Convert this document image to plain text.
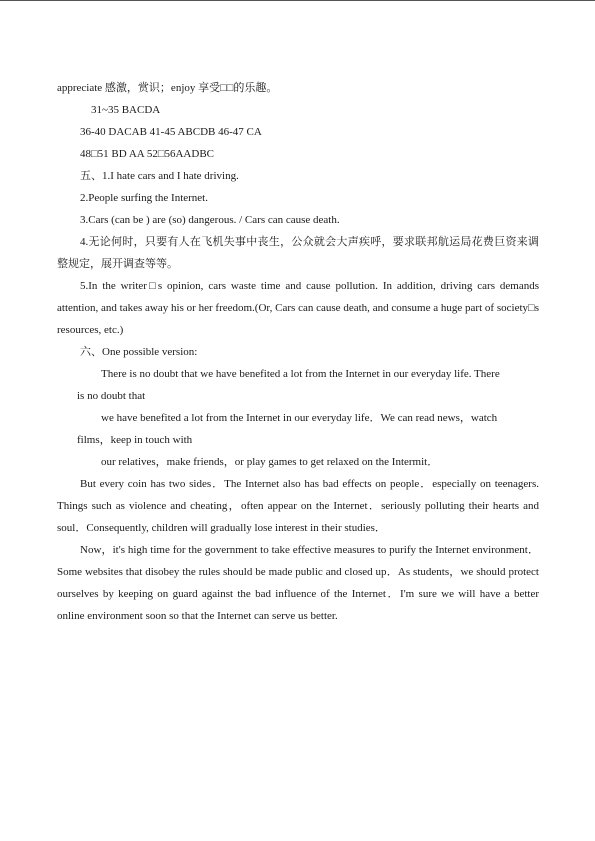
appreciate 感激，赏识；enjoy 享受□□的乐趣。

31~35 BACDA

36-40 DACAB 41-45 ABCDB 46-47 CA

48□51 BD AA 52□56AADBC

五、1.I hate cars and I hate driving.

2.People surfing the Internet.

3.Cars (can be ) are (so) dangerous. / Cars can cause death.

4.无论何时，只要有人在飞机失事中丧生，公众就会大声疾呼，要求联邦航运局花费巨资来调整规定，展开调查等等。

5.In the writer□s opinion, cars waste time and cause pollution. In addition, driving cars demands attention, and takes away his or her freedom.(Or, Cars can cause death, and consume a huge part of society□s resources, etc.)

六、One possible version:

There is no doubt that we have benefited a lot from the Internet in our everyday life. There

is no doubt that

we have benefited a lot from the Internet in our everyday life．We can read news，watch

films，keep in touch with

our relatives，make friends，or play games to get relaxed on the Intermit．

But every coin has two sides．The Internet also has bad effects on people．especially on teenagers. Things such as violence and cheating，often appear on the Internet．seriously polluting their hearts and soul．Consequently, children will gradually lose interest in their studies．

Now，it's high time for the government to take effective measures to purify the Internet environment．Some websites that disobey the rules should be made public and closed up．As students，we should protect ourselves by keeping on guard against the bad influence of the Internet．I'm sure we will have a better online environment soon so that the Internet can serve us better.
